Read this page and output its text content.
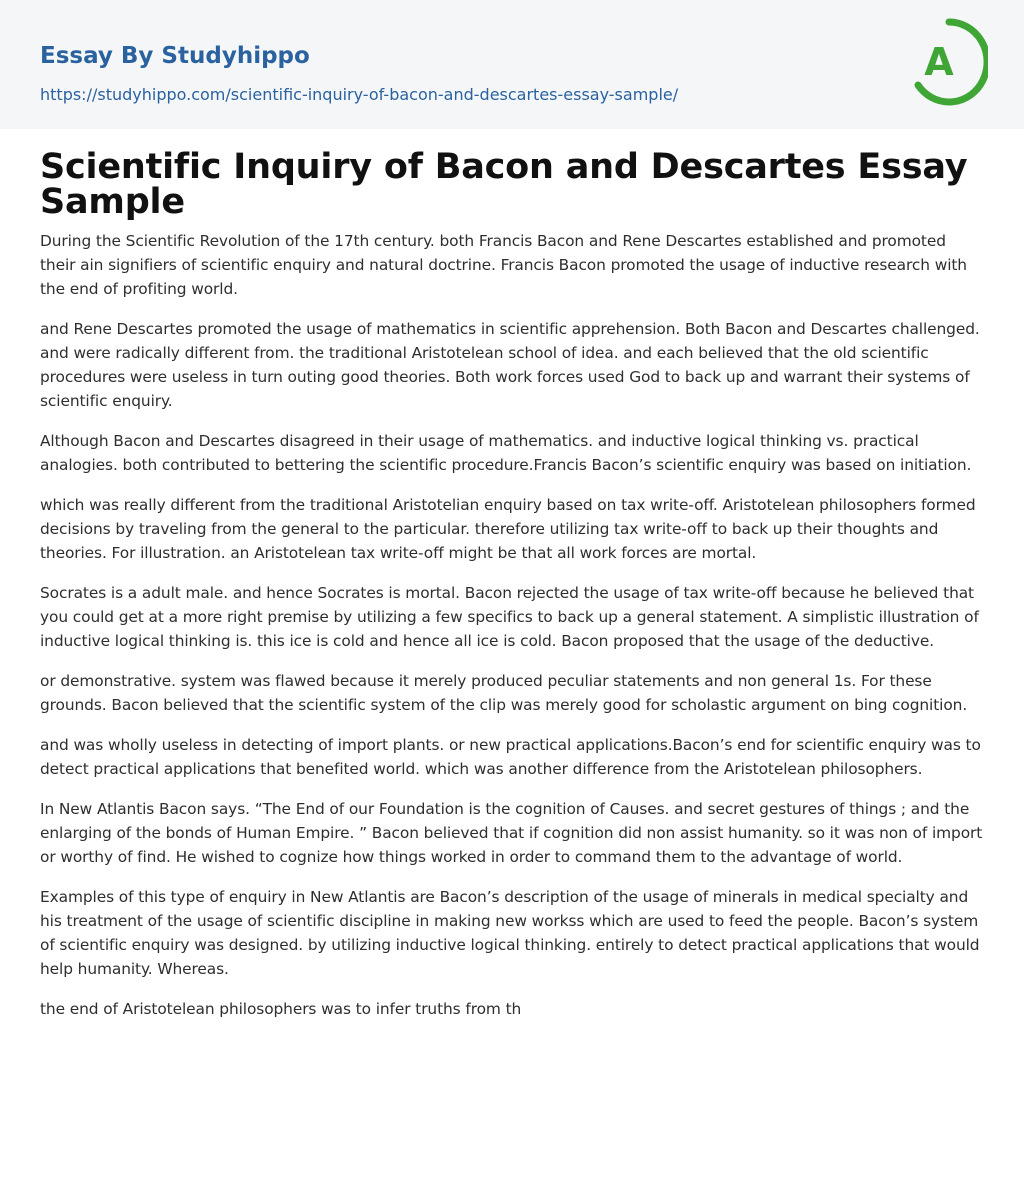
Essay By Studyhippo
https://studyhippo.com/scientific-inquiry-of-bacon-and-descartes-essay-sample/
A
Scientific Inquiry of Bacon and Descartes Essay Sample

During the Scientific Revolution of the 17th century. both Francis Bacon and Rene Descartes established and promoted their ain signifiers of scientific enquiry and natural doctrine. Francis Bacon promoted the usage of inductive research with the end of profiting world.

and Rene Descartes promoted the usage of mathematics in scientific apprehension. Both Bacon and Descartes challenged. and were radically different from. the traditional Aristotelean school of idea. and each believed that the old scientific procedures were useless in turn outing good theories. Both work forces used God to back up and warrant their systems of scientific enquiry.

Although Bacon and Descartes disagreed in their usage of mathematics. and inductive logical thinking vs. practical analogies. both contributed to bettering the scientific procedure.Francis Bacon’s scientific enquiry was based on initiation.

which was really different from the traditional Aristotelian enquiry based on tax write-off. Aristotelean philosophers formed decisions by traveling from the general to the particular. therefore utilizing tax write-off to back up their thoughts and theories. For illustration. an Aristotelean tax write-off might be that all work forces are mortal.

Socrates is a adult male. and hence Socrates is mortal. Bacon rejected the usage of tax write-off because he believed that you could get at a more right premise by utilizing a few specifics to back up a general statement. A simplistic illustration of inductive logical thinking is. this ice is cold and hence all ice is cold. Bacon proposed that the usage of the deductive.

or demonstrative. system was flawed because it merely produced peculiar statements and non general 1s. For these grounds. Bacon believed that the scientific system of the clip was merely good for scholastic argument on bing cognition.

and was wholly useless in detecting of import plants. or new practical applications.Bacon’s end for scientific enquiry was to detect practical applications that benefited world. which was another difference from the Aristotelean philosophers.

In New Atlantis Bacon says. “The End of our Foundation is the cognition of Causes. and secret gestures of things ; and the enlarging of the bonds of Human Empire. ” Bacon believed that if cognition did non assist humanity. so it was non of import or worthy of find. He wished to cognize how things worked in order to command them to the advantage of world.

Examples of this type of enquiry in New Atlantis are Bacon’s description of the usage of minerals in medical specialty and his treatment of the usage of scientific discipline in making new workss which are used to feed the people. Bacon’s system of scientific enquiry was designed. by utilizing inductive logical thinking. entirely to detect practical applications that would help humanity. Whereas.

the end of Aristotelean philosophers was to infer truths from th
